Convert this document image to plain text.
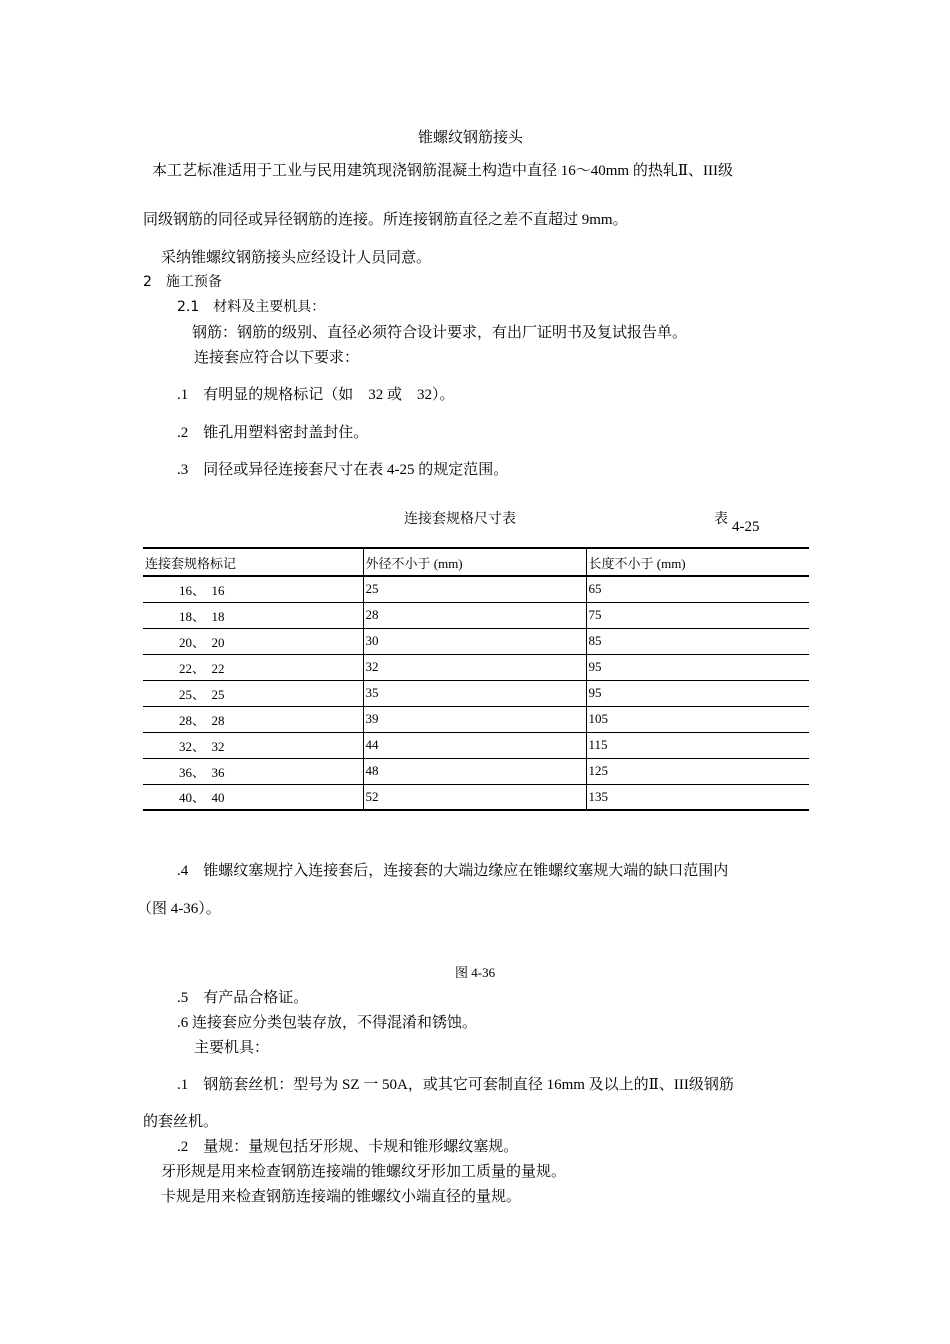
锥螺纹钢筋接头
本工艺标准适用于工业与民用建筑现浇钢筋混凝土构造中直径 16～40mm 的热轧Ⅱ、III级
同级钢筋的同径或异径钢筋的连接。所连接钢筋直径之差不直超过 9mm。
采纳锥螺纹钢筋接头应经设计人员同意。
2　施工预备
2.1　材料及主要机具：
钢筋：钢筋的级别、直径必须符合设计要求，有出厂证明书及复试报告单。
连接套应符合以下要求：
.1　有明显的规格标记（如　32 或　32）。
.2　锥孔用塑料密封盖封住。
.3　同径或异径连接套尺寸在表 4-25 的规定范围。
连接套规格尺寸表	表 4-25
连接套规格标记	外径不小于 (mm)	长度不小于 (mm)
16、　16	25	65
18、　18	28	75
20、　20	30	85
22、　22	32	95
25、　25	35	95
28、　28	39	105
32、　32	44	115
36、　36	48	125
40、　40	52	135
.4　锥螺纹塞规拧入连接套后，连接套的大端边缘应在锥螺纹塞规大端的缺口范围内
（图 4-36）。
图 4-36
.5　有产品合格证。
.6 连接套应分类包装存放，不得混淆和锈蚀。
主要机具：
.1　钢筋套丝机：型号为 SZ 一 50A，或其它可套制直径 16mm 及以上的Ⅱ、III级钢筋
的套丝机。
.2　量规：量规包括牙形规、卡规和锥形螺纹塞规。
牙形规是用来检查钢筋连接端的锥螺纹牙形加工质量的量规。
卡规是用来检查钢筋连接端的锥螺纹小端直径的量规。
